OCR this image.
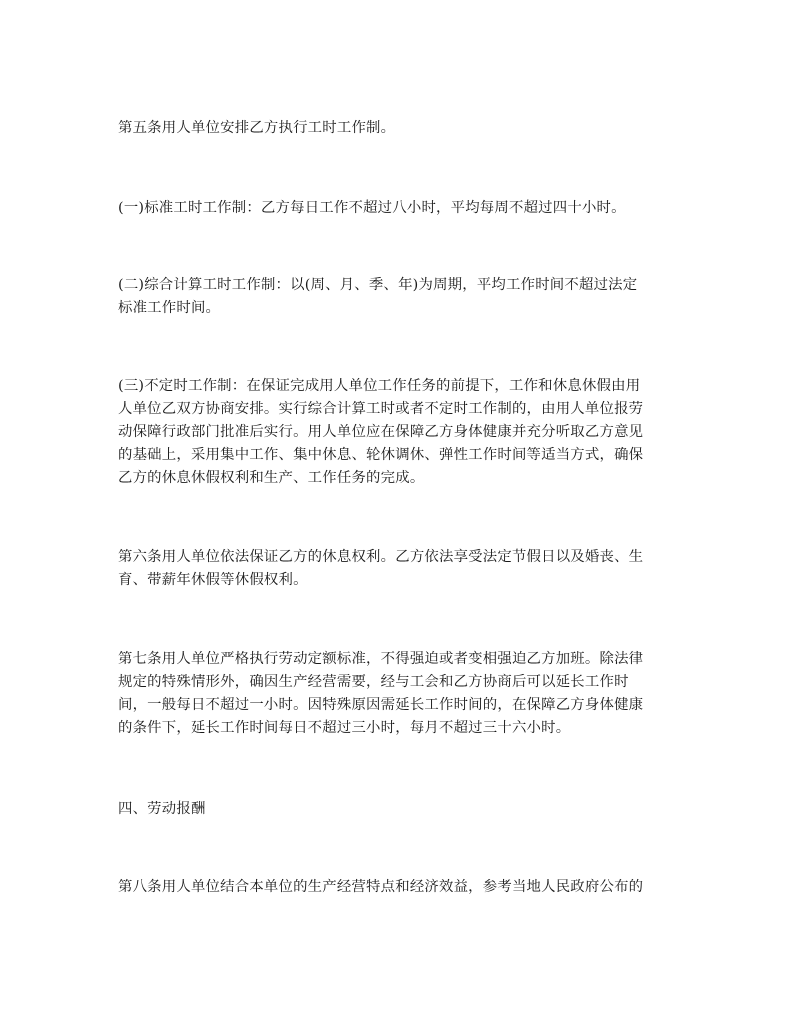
第五条用人单位安排乙方执行工时工作制。
(一)标准工时工作制：乙方每日工作不超过八小时，平均每周不超过四十小时。
(二)综合计算工时工作制：以(周、月、季、年)为周期，平均工作时间不超过法定
标准工作时间。
(三)不定时工作制：在保证完成用人单位工作任务的前提下，工作和休息休假由用
人单位乙双方协商安排。实行综合计算工时或者不定时工作制的，由用人单位报劳
动保障行政部门批准后实行。用人单位应在保障乙方身体健康并充分听取乙方意见
的基础上，采用集中工作、集中休息、轮休调休、弹性工作时间等适当方式，确保
乙方的休息休假权利和生产、工作任务的完成。
第六条用人单位依法保证乙方的休息权利。乙方依法享受法定节假日以及婚丧、生
育、带薪年休假等休假权利。
第七条用人单位严格执行劳动定额标准，不得强迫或者变相强迫乙方加班。除法律
规定的特殊情形外，确因生产经营需要，经与工会和乙方协商后可以延长工作时
间，一般每日不超过一小时。因特殊原因需延长工作时间的，在保障乙方身体健康
的条件下，延长工作时间每日不超过三小时，每月不超过三十六小时。
四、劳动报酬
第八条用人单位结合本单位的生产经营特点和经济效益，参考当地人民政府公布的
